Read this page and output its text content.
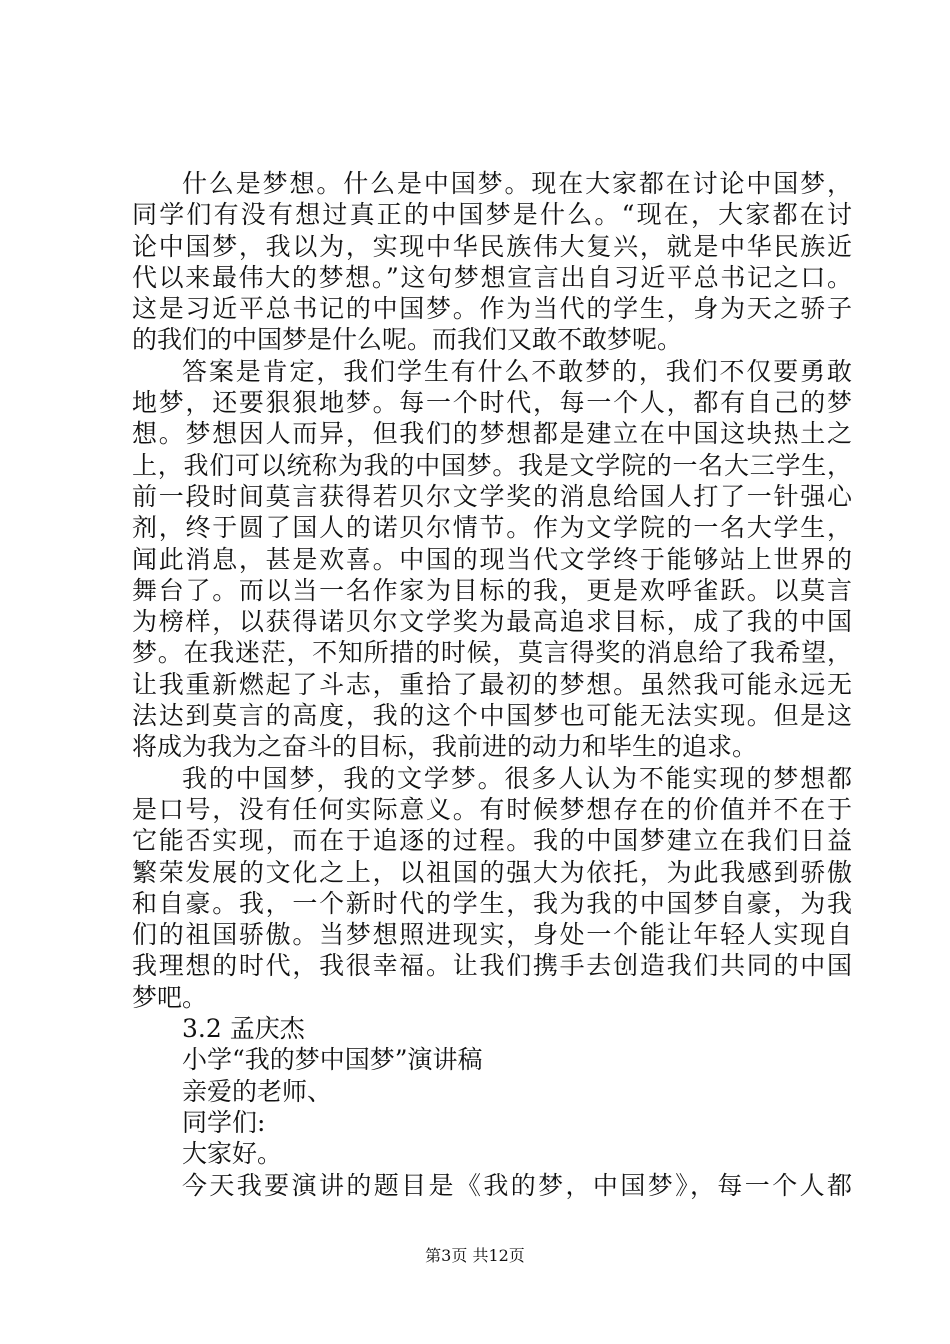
什么是梦想。什么是中国梦。现在大家都在讨论中国梦，
同学们有没有想过真正的中国梦是什么。“现在，大家都在讨
论中国梦，我以为，实现中华民族伟大复兴，就是中华民族近
代以来最伟大的梦想。”这句梦想宣言出自习近平总书记之口。
这是习近平总书记的中国梦。作为当代的学生，身为天之骄子
的我们的中国梦是什么呢。而我们又敢不敢梦呢。
答案是肯定，我们学生有什么不敢梦的，我们不仅要勇敢
地梦，还要狠狠地梦。每一个时代，每一个人，都有自己的梦
想。梦想因人而异，但我们的梦想都是建立在中国这块热土之
上，我们可以统称为我的中国梦。我是文学院的一名大三学生，
前一段时间莫言获得若贝尔文学奖的消息给国人打了一针强心
剂，终于圆了国人的诺贝尔情节。作为文学院的一名大学生，
闻此消息，甚是欢喜。中国的现当代文学终于能够站上世界的
舞台了。而以当一名作家为目标的我，更是欢呼雀跃。以莫言
为榜样，以获得诺贝尔文学奖为最高追求目标，成了我的中国
梦。在我迷茫，不知所措的时候，莫言得奖的消息给了我希望，
让我重新燃起了斗志，重拾了最初的梦想。虽然我可能永远无
法达到莫言的高度，我的这个中国梦也可能无法实现。但是这
将成为我为之奋斗的目标，我前进的动力和毕生的追求。
我的中国梦，我的文学梦。很多人认为不能实现的梦想都
是口号，没有任何实际意义。有时候梦想存在的价值并不在于
它能否实现，而在于追逐的过程。我的中国梦建立在我们日益
繁荣发展的文化之上，以祖国的强大为依托，为此我感到骄傲
和自豪。我，一个新时代的学生，我为我的中国梦自豪，为我
们的祖国骄傲。当梦想照进现实，身处一个能让年轻人实现自
我理想的时代，我很幸福。让我们携手去创造我们共同的中国
梦吧。
3.2 孟庆杰
小学“我的梦中国梦”演讲稿
亲爱的老师、
同学们:
大家好。
今天我要演讲的题目是《我的梦，中国梦》，每一个人都
第3页 共12页
